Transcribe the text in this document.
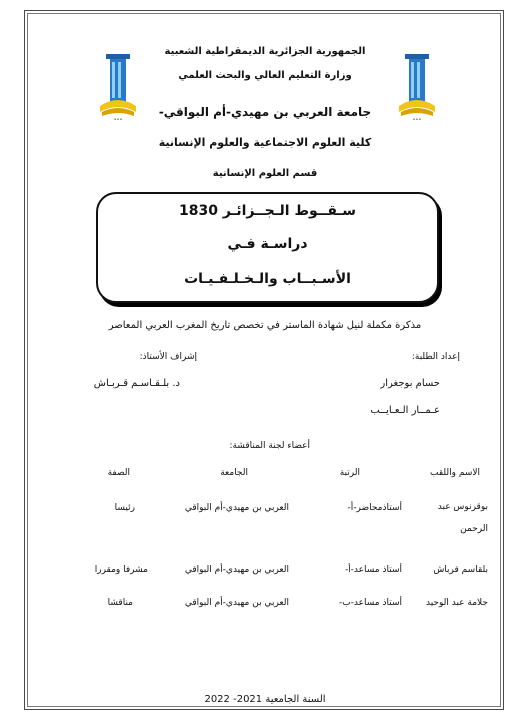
•••	•••
الجمهورية الجزائرية الديمقراطية الشعبية
وزارة التعليم العالي والبحث العلمي
جامعة العربي بن مهيدي-أم البواقي-
كلية العلوم الاجتماعية والعلوم الإنسانية
قسم العلوم الإنسانية
سـقــوط الـجــزائـر 1830
دراسـة فـي
الأسـبــاب والـخـلـفـيـات
مذكرة مكملة لنيل شهادة الماستر في تخصص تاريخ المغرب العربي المعاصر
إعداد الطلبة:
حسام بوجغرار
عـمــار الـعـايــب
إشراف الأستاذ:
د. بلـقـاسـم قـربـاش
أعضاء لجنة المناقشة:
الاسم واللقب
الرتبة
الجامعة
الصفة
بوقرنوس عبد الرحمن
أستاذمحاضر-أ-
العربي بن مهيدي-أم البواقي
رئيسا
بلقاسم قرباش
أستاذ مساعد-أ-
العربي بن مهيدي-أم البواقي
مشرفا ومقررا
جلامة عبد الوحيد
أستاذ مساعد-ب-
العربي بن مهيدي-أم البواقي
مناقشا
السنة الجامعية 2021- 2022
